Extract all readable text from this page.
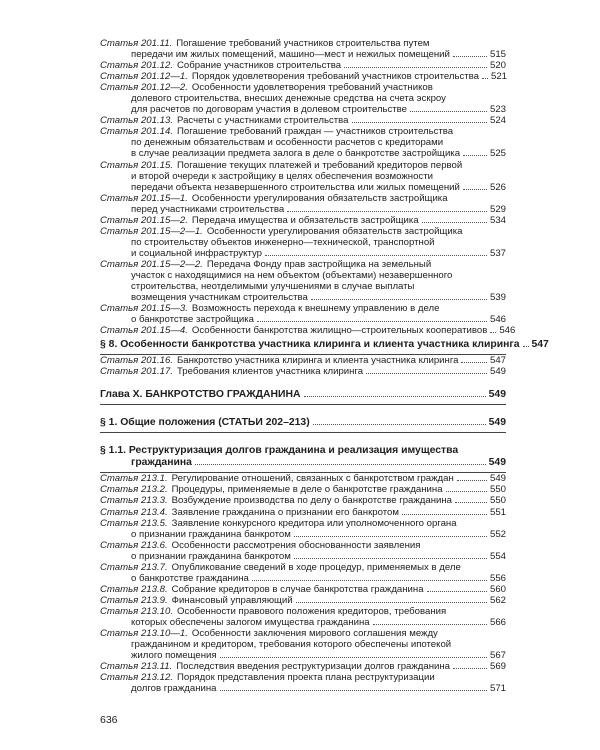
Статья 201.11. Погашение требований участников строительства путем
передачи им жилых помещений, машино—мест и нежилых помещений	515
Статья 201.12. Собрание участников строительства	520
Статья 201.12—1. Порядок удовлетворения требований участников строительства 521
Статья 201.12—2. Особенности удовлетворения требований участников
долевого строительства, внесших денежные средства на счета эскроу
для расчетов по договорам участия в долевом строительстве	523
Статья 201.13. Расчеты с участниками строительства	524
Статья 201.14. Погашение требований граждан — участников строительства
по денежным обязательствам и особенности расчетов с кредиторами
в случае реализации предмета залога в деле о банкротстве застройщика	525
Статья 201.15. Погашение текущих платежей и требований кредиторов первой
и второй очереди к застройщику в целях обеспечения возможности
передачи объекта незавершенного строительства или жилых помещений	526
Статья 201.15—1. Особенности урегулирования обязательств застройщика
перед участниками строительства	529
Статья 201.15—2. Передача имущества и обязательств застройщика	534
Статья 201.15—2—1. Особенности урегулирования обязательств застройщика
по строительству объектов инженерно—технической, транспортной
и социальной инфраструктур	537
Статья 201.15—2—2. Передача Фонду прав застройщика на земельный
участок с находящимися на нем объектом (объектами) незавершенного
строительства, неотделимыми улучшениями в случае выплаты
возмещения участникам строительства	539
Статья 201.15—3. Возможность перехода к внешнему управлению в деле
о банкротстве застройщика	546
Статья 201.15—4. Особенности банкротства жилищно—строительных кооперативов 546
§ 8. Особенности банкротства участника клиринга и клиента участника клиринга 547
Статья 201.16. Банкротство участника клиринга и клиента участника клиринга	547
Статья 201.17. Требования клиентов участника клиринга	549
Глава X. БАНКРОТСТВО ГРАЖДАНИНА	549
§ 1. Общие положения (СТАТЬИ 202–213)	549
§ 1.1. Реструктуризация долгов гражданина и реализация имущества
гражданина	549
Статья 213.1. Регулирование отношений, связанных с банкротством граждан	549
Статья 213.2. Процедуры, применяемые в деле о банкротстве гражданина	550
Статья 213.3. Возбуждение производства по делу о банкротстве гражданина	550
Статья 213.4. Заявление гражданина о признании его банкротом	551
Статья 213.5. Заявление конкурсного кредитора или уполномоченного органа
о признании гражданина банкротом	552
Статья 213.6. Особенности рассмотрения обоснованности заявления
о признании гражданина банкротом	554
Статья 213.7. Опубликование сведений в ходе процедур, применяемых в деле
о банкротстве гражданина	556
Статья 213.8. Собрание кредиторов в случае банкротства гражданина	560
Статья 213.9. Финансовый управляющий	562
Статья 213.10. Особенности правового положения кредиторов, требования
которых обеспечены залогом имущества гражданина	566
Статья 213.10—1. Особенности заключения мирового соглашения между
гражданином и кредитором, требования которого обеспечены ипотекой
жилого помещения	567
Статья 213.11. Последствия введения реструктуризации долгов гражданина	569
Статья 213.12. Порядок представления проекта плана реструктуризации
долгов гражданина	571
636
